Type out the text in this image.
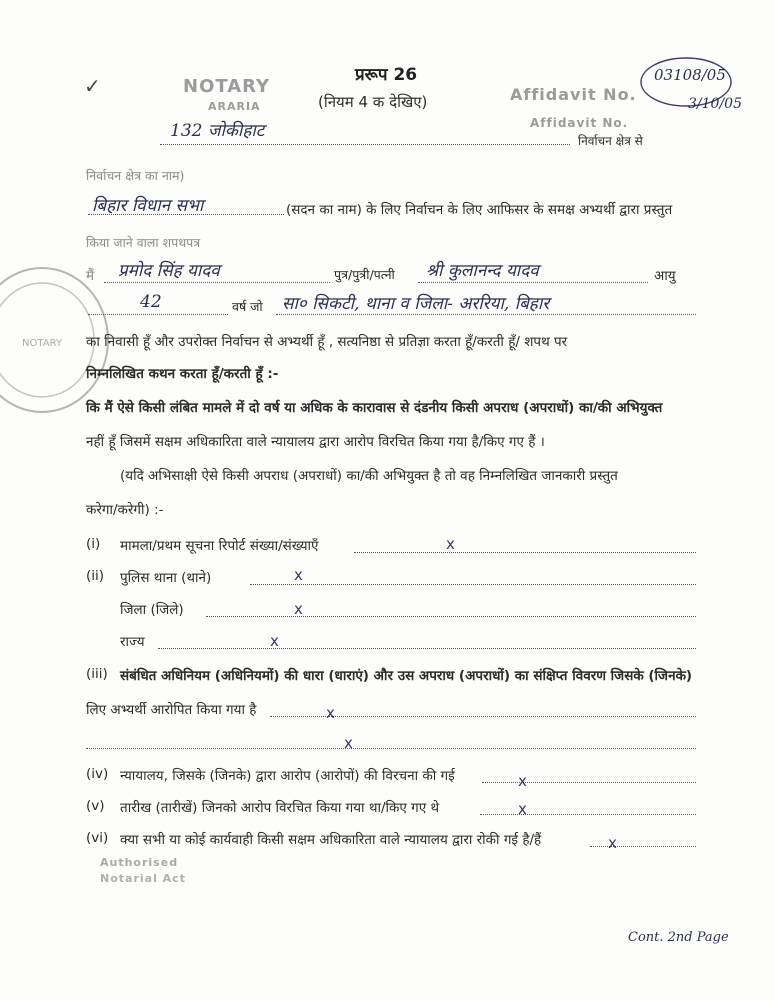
NOTARY
NOTARY
ARARIA
प्ररूप 26
(नियम 4 क देखिए)	Affidavit No.
Affidavit No.
03108/05
3/10/05
132 जोकीहाट	निर्वाचन क्षेत्र से
निर्वाचन क्षेत्र का नाम)
बिहार विधान सभा	(सदन का नाम) के लिए निर्वाचन के लिए आफिसर के समक्ष अभ्यर्थी द्वारा प्रस्तुत
किया जाने वाला शपथपत्र
मैं प्रमोद सिंह यादव	पुत्र/पुत्री/पत्नी श्री कुलानन्द यादव	आयु
42	वर्ष जो सा० सिकटी, थाना व जिला- अररिया, बिहार
का निवासी हूँ और उपरोक्त निर्वाचन से अभ्यर्थी हूँ , सत्यनिष्ठा से प्रतिज्ञा करता हूँ/करती हूँ/ शपथ पर
निम्नलिखित कथन करता हूँ/करती हूँ :-
कि मैं ऐसे किसी लंबित मामले में दो वर्ष या अधिक के कारावास से दंडनीय किसी अपराध (अपराधों) का/की अभियुक्त
नहीं हूँ जिसमें सक्षम अधिकारिता वाले न्यायालय द्वारा आरोप विरचित किया गया है/किए गए हैं ।
(यदि अभिसाक्षी ऐसे किसी अपराध (अपराधों) का/की अभियुक्त है तो वह निम्नलिखित जानकारी प्रस्तुत
करेगा/करेगी) :-
(i) मामला/प्रथम सूचना रिपोर्ट संख्या/संख्याएँ	x
(ii) पुलिस थाना (थाने)	x
जिला (जिले)	x
राज्य	x
(iii) संबंधित अधिनियम (अधिनियमों) की धारा (धाराएं) और उस अपराध (अपराधों) का संक्षिप्त विवरण जिसके (जिनके)
लिए अभ्यर्थी आरोपित किया गया है	x
x
(iv) न्यायालय, जिसके (जिनके) द्वारा आरोप (आरोपों) की विरचना की गई	x
(v) तारीख (तारीखें) जिनको आरोप विरचित किया गया था/किए गए थे	x
(vi) क्या सभी या कोई कार्यवाही किसी सक्षम अधिकारिता वाले न्यायालय द्वारा रोकी गई है/हैं	x
Authorised
Notarial Act
Cont. 2nd Page
✓
